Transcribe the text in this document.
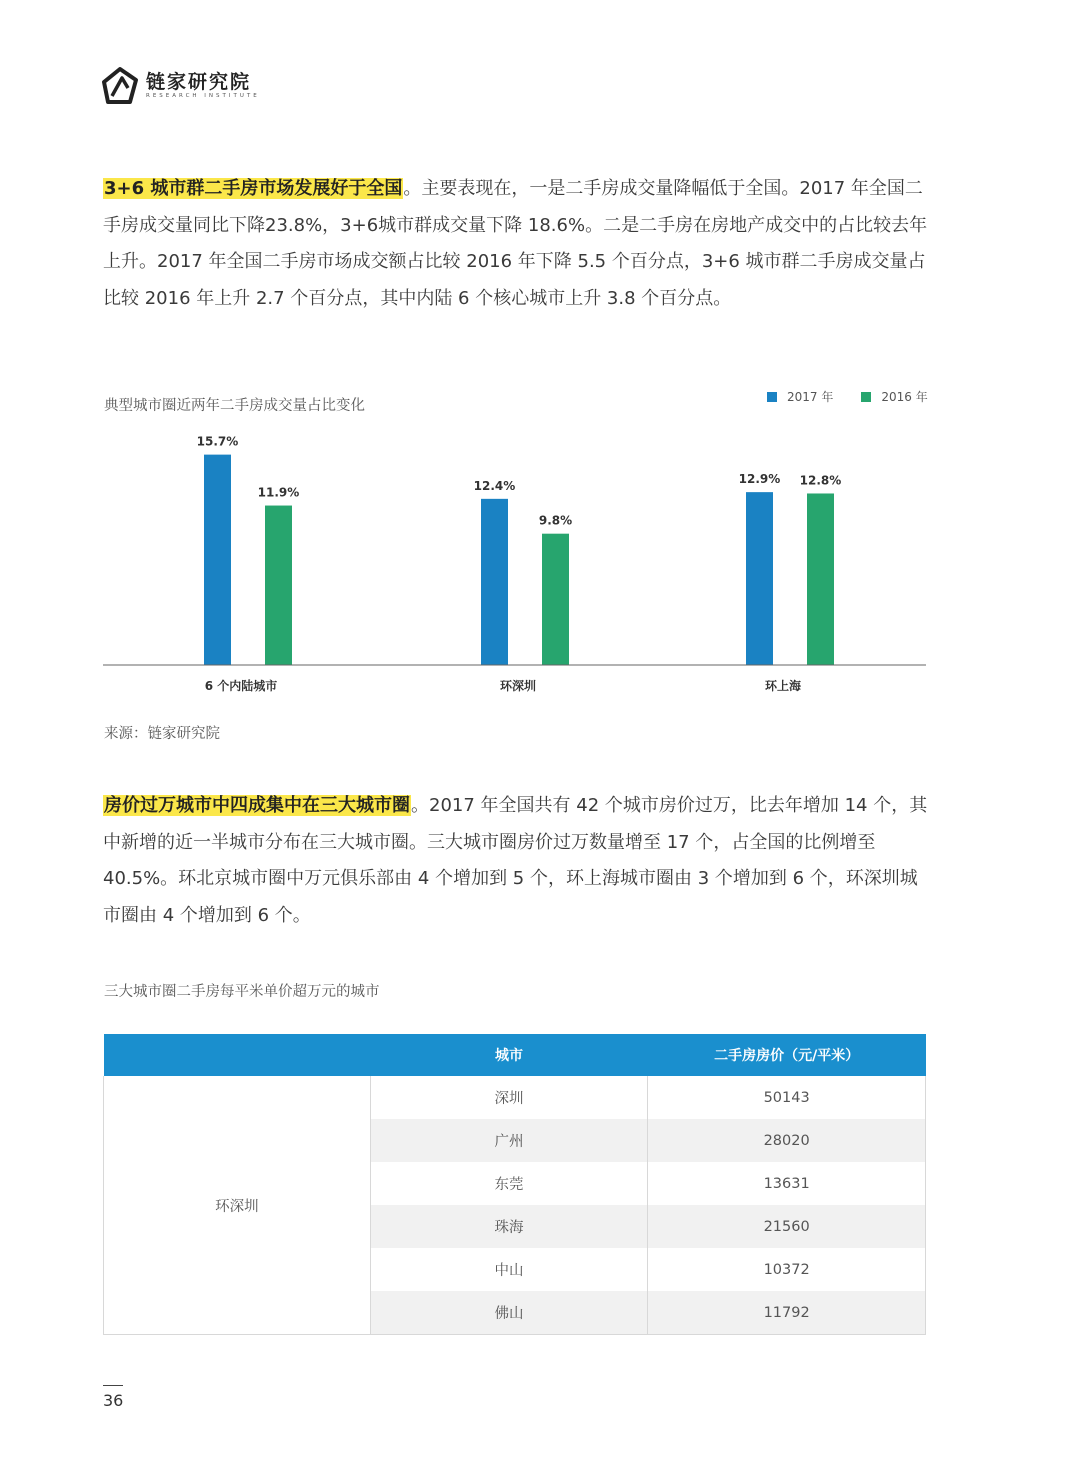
链家研究院
RESEARCH INSTITUTE

3+6 城市群二手房市场发展好于全国。主要表现在，一是二手房成交量降幅低于全国。2017 年全国二手房成交量同比下降23.8%，3+6城市群成交量下降 18.6%。二是二手房在房地产成交中的占比较去年上升。2017 年全国二手房市场成交额占比较 2016 年下降 5.5 个百分点，3+6 城市群二手房成交量占比较 2016 年上升 2.7 个百分点，其中内陆 6 个核心城市上升 3.8 个百分点。

典型城市圈近两年二手房成交量占比变化
2017 年	2016 年
15.7%
11.9%
6 个内陆城市
12.4%
9.8%
环深圳
12.9% 12.8%
环上海
来源：链家研究院

房价过万城市中四成集中在三大城市圈。2017 年全国共有 42 个城市房价过万，比去年增加 14 个，其中新增的近一半城市分布在三大城市圈。三大城市圈房价过万数量增至 17 个，占全国的比例增至 40.5%。环北京城市圈中万元俱乐部由 4 个增加到 5 个，环上海城市圈由 3 个增加到 6 个，环深圳城市圈由 4 个增加到 6 个。

三大城市圈二手房每平米单价超万元的城市
	城市	二手房房价（元/平米）
环深圳	深圳	50143
	广州	28020
	东莞	13631
	珠海	21560
	中山	10372
	佛山	11792
36
